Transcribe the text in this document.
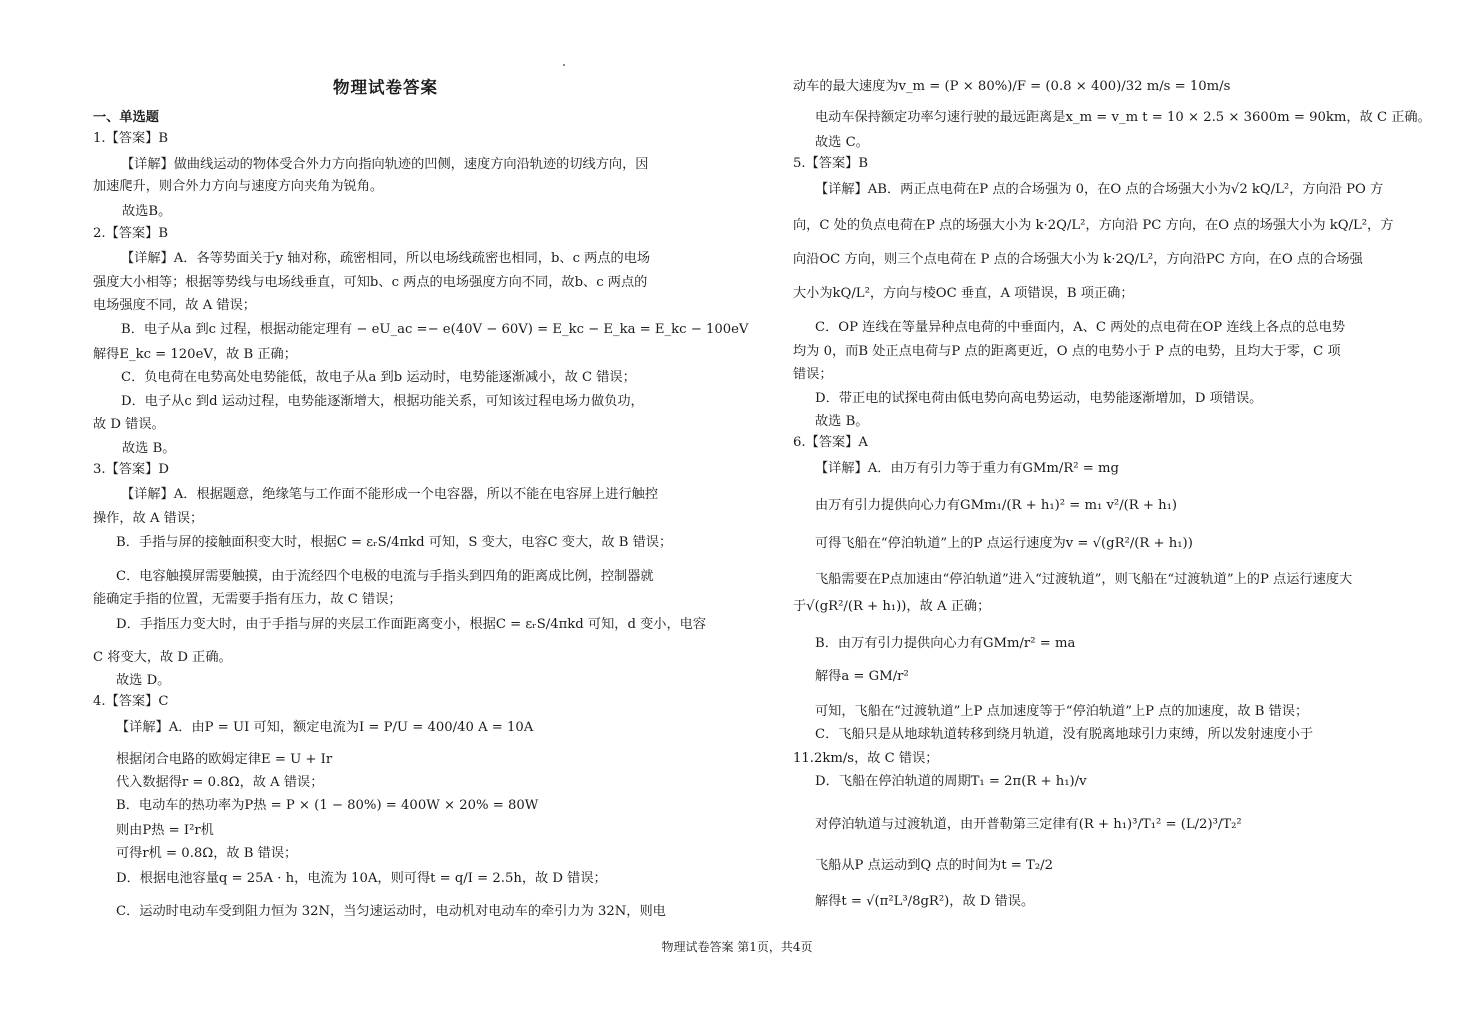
物理试卷答案
一、单选题
1.【答案】B
【详解】做曲线运动的物体受合外力方向指向轨迹的凹侧，速度方向沿轨迹的切线方向，因
加速爬升，则合外力方向与速度方向夹角为锐角。
故选B。
2.【答案】B
【详解】A．各等势面关于y 轴对称，疏密相同，所以电场线疏密也相同，b、c 两点的电场
强度大小相等；根据等势线与电场线垂直，可知b、c 两点的电场强度方向不同，故b、c 两点的
电场强度不同，故 A 错误；
B．电子从a 到c 过程，根据动能定理有 − eU_ac =− e(40V − 60V) = E_kc − E_ka = E_kc − 100eV
解得E_kc = 120eV，故 B 正确；
C．负电荷在电势高处电势能低，故电子从a 到b 运动时，电势能逐渐减小，故 C 错误；
D．电子从c 到d 运动过程，电势能逐渐增大，根据功能关系，可知该过程电场力做负功，
故 D 错误。
故选 B。
3.【答案】D
【详解】A．根据题意，绝缘笔与工作面不能形成一个电容器，所以不能在电容屏上进行触控
操作，故 A 错误；
B．手指与屏的接触面积变大时，根据C = εᵣS/4πkd 可知，S 变大，电容C 变大，故 B 错误；
C．电容触摸屏需要触摸，由于流经四个电极的电流与手指头到四角的距离成比例，控制器就
能确定手指的位置，无需要手指有压力，故 C 错误；
D．手指压力变大时，由于手指与屏的夹层工作面距离变小，根据C = εᵣS/4πkd 可知，d 变小，电容
C 将变大，故 D 正确。
故选 D。
4.【答案】C
【详解】A．由P = UI 可知，额定电流为I = P/U = 400/40 A = 10A
根据闭合电路的欧姆定律E = U + Ir
代入数据得r = 0.8Ω，故 A 错误；
B．电动车的热功率为P热 = P × (1 − 80%) = 400W × 20% = 80W
则由P热 = I²r机
可得r机 = 0.8Ω，故 B 错误；
D．根据电池容量q = 25A · h，电流为 10A，则可得t = q/I = 2.5h，故 D 错误；
C．运动时电动车受到阻力恒为 32N，当匀速运动时，电动机对电动车的牵引力为 32N，则电
动车的最大速度为v_m = (P × 80%)/F = (0.8 × 400)/32 m/s = 10m/s
电动车保持额定功率匀速行驶的最远距离是x_m = v_m t = 10 × 2.5 × 3600m = 90km，故 C 正确。
故选 C。
5.【答案】B
【详解】AB．两正点电荷在P 点的合场强为 0，在O 点的合场强大小为√2 kQ/L²，方向沿 PO 方
向，C 处的负点电荷在P 点的场强大小为 k·2Q/L²，方向沿 PC 方向，在O 点的场强大小为 kQ/L²，方
向沿OC 方向，则三个点电荷在 P 点的合场强大小为 k·2Q/L²，方向沿PC 方向，在O 点的合场强
大小为kQ/L²，方向与棱OC 垂直，A 项错误，B 项正确；
C．OP 连线在等量异种点电荷的中垂面内，A、C 两处的点电荷在OP 连线上各点的总电势
均为 0，而B 处正点电荷与P 点的距离更近，O 点的电势小于 P 点的电势，且均大于零，C 项
错误；
D．带正电的试探电荷由低电势向高电势运动，电势能逐渐增加，D 项错误。
故选 B。
6.【答案】A
【详解】A．由万有引力等于重力有GMm/R² = mg
由万有引力提供向心力有GMm₁/(R + h₁)² = m₁ v²/(R + h₁)
可得飞船在“停泊轨道”上的P 点运行速度为v = √(gR²/(R + h₁))
飞船需要在P点加速由“停泊轨道”进入“过渡轨道”，则飞船在“过渡轨道”上的P 点运行速度大
于√(gR²/(R + h₁))，故 A 正确；
B．由万有引力提供向心力有GMm/r² = ma
解得a = GM/r²
可知，飞船在“过渡轨道”上P 点加速度等于“停泊轨道”上P 点的加速度，故 B 错误；
C．飞船只是从地球轨道转移到绕月轨道，没有脱离地球引力束缚，所以发射速度小于
11.2km/s，故 C 错误；
D．飞船在停泊轨道的周期T₁ = 2π(R + h₁)/v
对停泊轨道与过渡轨道，由开普勒第三定律有(R + h₁)³/T₁² = (L/2)³/T₂²
飞船从P 点运动到Q 点的时间为t = T₂/2
解得t = √(π²L³/8gR²)，故 D 错误。
物理试卷答案 第1页，共4页
